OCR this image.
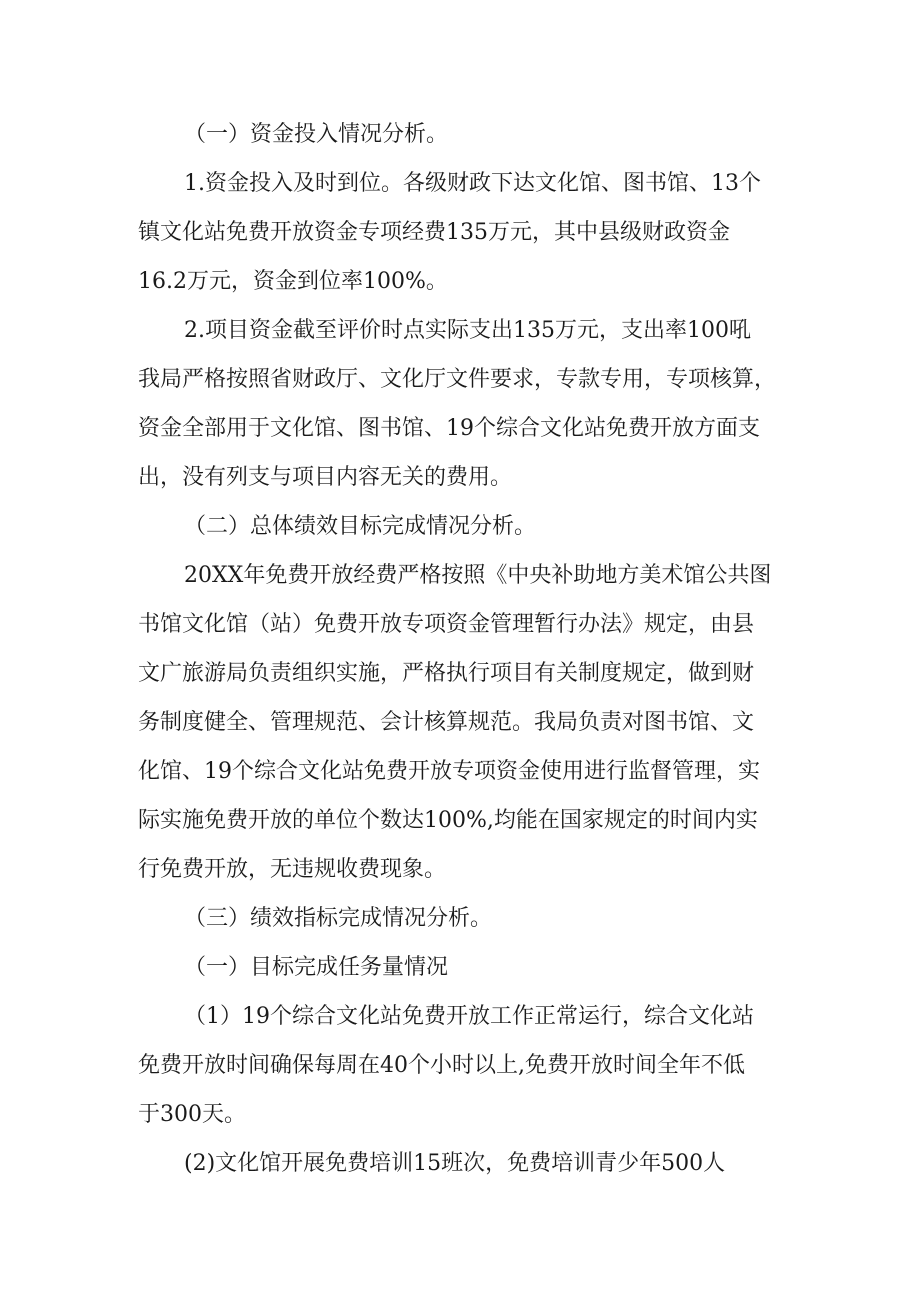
（一）资金投入情况分析。
1.资金投入及时到位。各级财政下达文化馆、图书馆、13个
镇文化站免费开放资金专项经费135万元，其中县级财政资金
16.2万元，资金到位率100%。
2.项目资金截至评价时点实际支出135万元，支出率100吼
我局严格按照省财政厅、文化厅文件要求，专款专用，专项核算，
资金全部用于文化馆、图书馆、19个综合文化站免费开放方面支
出，没有列支与项目内容无关的费用。
（二）总体绩效目标完成情况分析。
20XX年免费开放经费严格按照《中央补助地方美术馆公共图
书馆文化馆（站）免费开放专项资金管理暂行办法》规定，由县
文广旅游局负责组织实施，严格执行项目有关制度规定，做到财
务制度健全、管理规范、会计核算规范。我局负责对图书馆、文
化馆、19个综合文化站免费开放专项资金使用进行监督管理，实
际实施免费开放的单位个数达100%,均能在国家规定的时间内实
行免费开放，无违规收费现象。
（三）绩效指标完成情况分析。
（一）目标完成任务量情况
（1）19个综合文化站免费开放工作正常运行，综合文化站
免费开放时间确保每周在40个小时以上,免费开放时间全年不低
于300天。
(2)文化馆开展免费培训15班次，免费培训青少年500人
